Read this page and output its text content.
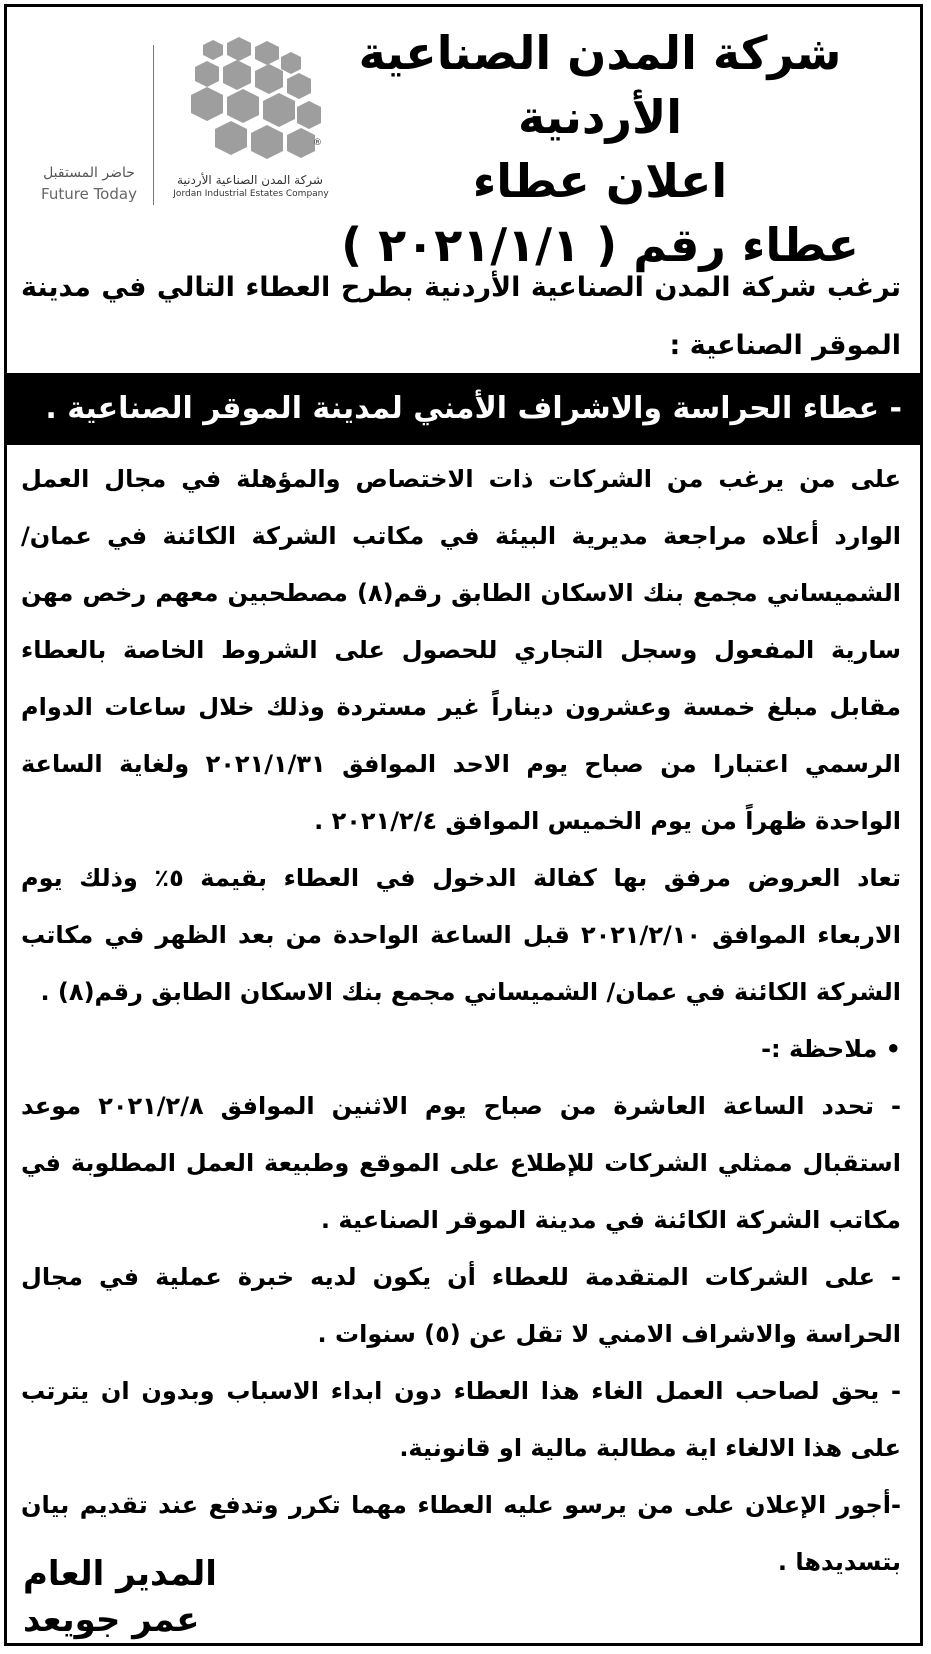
شركة المدن الصناعية الأردنية
اعلان عطاء
عطاء رقم ( ٢٠٢١/١/١ )
®
شركة المدن الصناعية الأردنية
Jordan Industrial Estates Company
حاضر المستقبل
Future Today
ترغب شركة المدن الصناعية الأردنية بطرح العطاء التالي في مدينة الموقر الصناعية :
- عطاء الحراسة والاشراف الأمني لمدينة الموقر الصناعية .

على من يرغب من الشركات ذات الاختصاص والمؤهلة في مجال العمل الوارد أعلاه مراجعة مديرية البيئة في مكاتب الشركة الكائنة في عمان/ الشميساني مجمع بنك الاسكان الطابق رقم(٨) مصطحبين معهم رخص مهن سارية المفعول وسجل التجاري للحصول على الشروط الخاصة بالعطاء مقابل مبلغ خمسة وعشرون ديناراً غير مستردة وذلك خلال ساعات الدوام الرسمي اعتبارا من صباح يوم الاحد الموافق ٢٠٢١/١/٣١ ولغاية الساعة الواحدة ظهراً من يوم الخميس الموافق ٢٠٢١/٢/٤ .

تعاد العروض مرفق بها كفالة الدخول في العطاء بقيمة ٥٪ وذلك يوم الاربعاء الموافق ٢٠٢١/٢/١٠ قبل الساعة الواحدة من بعد الظهر في مكاتب الشركة الكائنة في عمان/ الشميساني مجمع بنك الاسكان الطابق رقم(٨) .

• ملاحظة :-

- تحدد الساعة العاشرة من صباح يوم الاثنين الموافق ٢٠٢١/٢/٨ موعد استقبال ممثلي الشركات للإطلاع على الموقع وطبيعة العمل المطلوبة في مكاتب الشركة الكائنة في مدينة الموقر الصناعية .

- على الشركات المتقدمة للعطاء أن يكون لديه خبرة عملية في مجال الحراسة والاشراف الامني لا تقل عن (٥) سنوات .

- يحق لصاحب العمل الغاء هذا العطاء دون ابداء الاسباب وبدون ان يترتب على هذا الالغاء اية مطالبة مالية او قانونية.

-أجور الإعلان على من يرسو عليه العطاء مهما تكرر وتدفع عند تقديم بيان بتسديدها .

المدير العام
عمر جويعد
